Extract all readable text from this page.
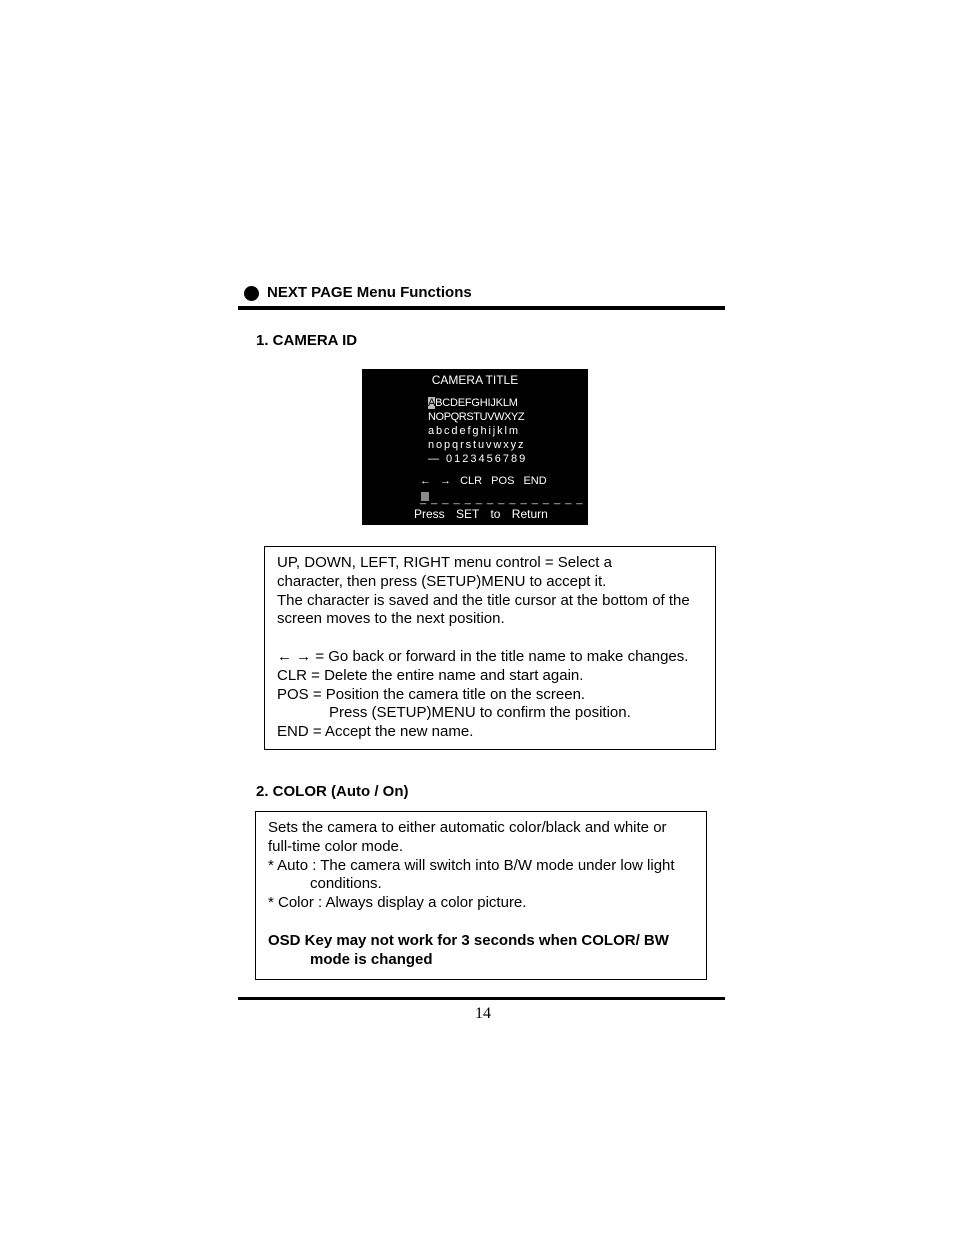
NEXT PAGE Menu Functions
1. CAMERA ID
CAMERA TITLE
ABCDEFGHIJKLM
NOPQRSTUVWXYZ
abcdefghijklm
nopqrstuvwxyz
— 0123456789
← → CLR POS END
_ _ _ _ _ _ _ _ _ _ _ _ _ _ _
Press SET to Return

UP, DOWN, LEFT, RIGHT menu control = Select a

character, then press (SETUP)MENU to accept it.

The character is saved and the title cursor at the bottom of the

screen moves to the next position.

← → = Go back or forward in the title name to make changes.

CLR = Delete the entire name and start again.

POS = Position the camera title on the screen.

Press (SETUP)MENU to confirm the position.

END = Accept the new name.

2. COLOR (Auto / On)

Sets the camera to either automatic color/black and white or

full-time color mode.

* Auto : The camera will switch into B/W mode under low light

conditions.

* Color : Always display a color picture.

OSD Key may not work for 3 seconds when COLOR/ BW

mode is changed

14
